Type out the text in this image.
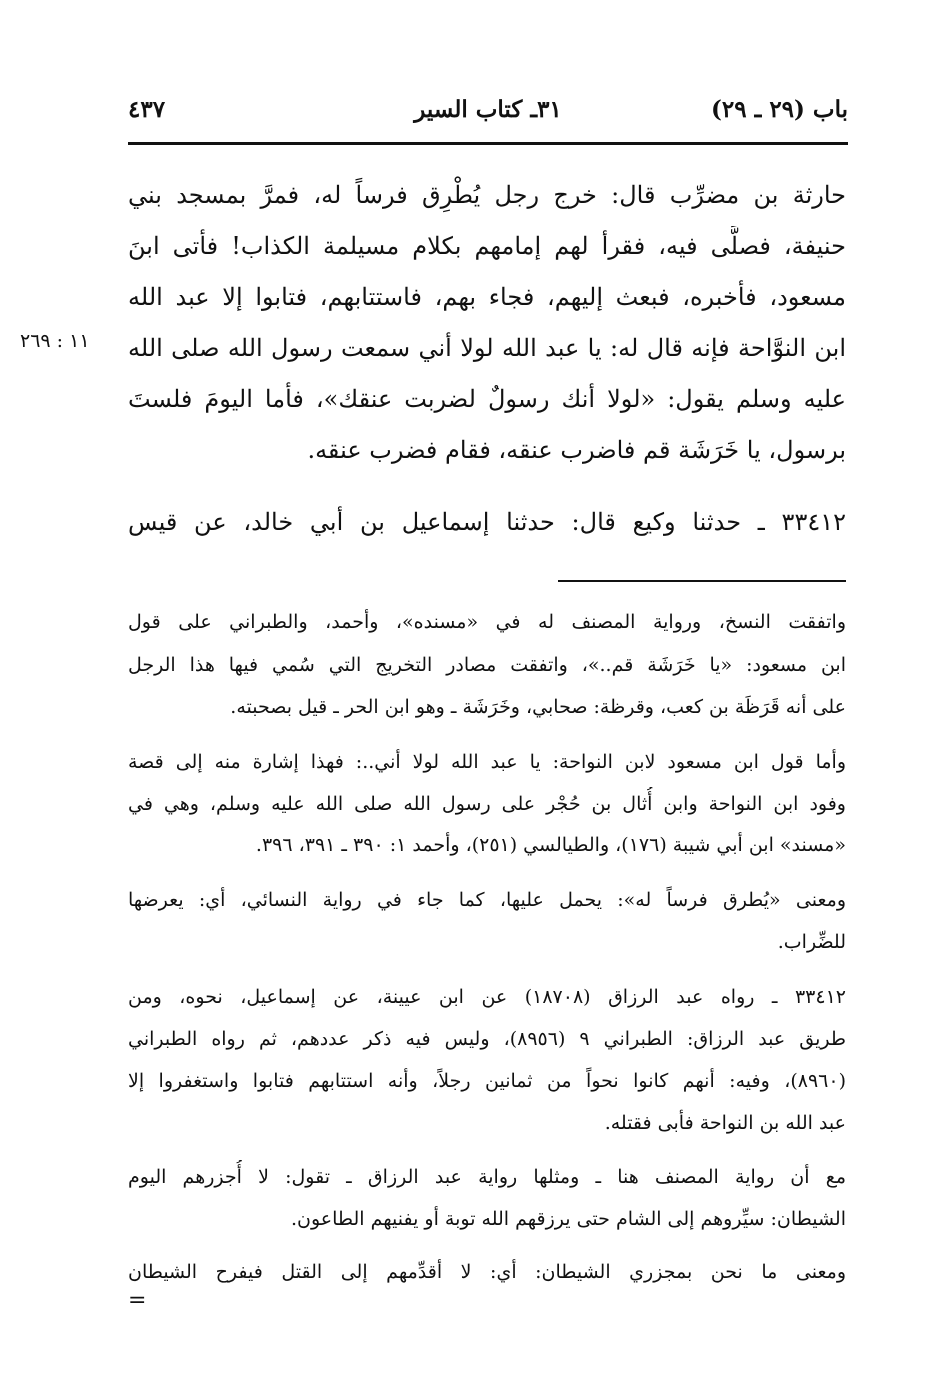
باب (٢٩ ـ ٢٩)
٣١ـ كتاب السير
٤٣٧
١١ : ٢٦٩
حارثة بن مضرِّب قال: خرج رجل يُطْرِق فرساً له، فمرَّ بمسجد بني
حنيفة، فصلَّى فيه، فقرأ لهم إمامهم بكلام مسيلمة الكذاب! فأتى ابنَ
مسعود، فأخبره، فبعث إليهم، فجاء بهم، فاستتابهم، فتابوا إلا عبد الله
ابن النوَّاحة فإنه قال له: يا عبد الله لولا أني سمعت رسول الله صلى الله
عليه وسلم يقول: «لولا أنك رسولٌ لضربت عنقك»، فأما اليومَ فلستَ
برسول، يا خَرَشَة قم فاضرب عنقه، فقام فضرب عنقه.
٣٣٤١٢ ـ حدثنا وكيع قال: حدثنا إسماعيل بن أبي خالد، عن قيس
واتفقت النسخ، ورواية المصنف له في «مسنده»، وأحمد، والطبراني على قول
ابن مسعود: «يا خَرَشَة قم..»، واتفقت مصادر التخريج التي سُمي فيها هذا الرجل
على أنه قَرَظَة بن كعب، وقرظة: صحابي، وخَرَشَة ـ وهو ابن الحر ـ قيل بصحبته.
وأما قول ابن مسعود لابن النواحة: يا عبد الله لولا أني..: فهذا إشارة منه إلى قصة
وفود ابن النواحة وابن أُثال بن حُجْر على رسول الله صلى الله عليه وسلم، وهي في
«مسند» ابن أبي شيبة (١٧٦)، والطيالسي (٢٥١)، وأحمد ١: ٣٩٠ ـ ٣٩١، ٣٩٦.
ومعنى «يُطرق فرساً له»: يحمل عليها، كما جاء في رواية النسائي، أي: يعرضها
للضِّراب.
٣٣٤١٢ ـ رواه عبد الرزاق (١٨٧٠٨) عن ابن عيينة، عن إسماعيل، نحوه، ومن
طريق عبد الرزاق: الطبراني ٩ (٨٩٥٦)، وليس فيه ذكر عددهم، ثم رواه الطبراني
(٨٩٦٠)، وفيه: أنهم كانوا نحواً من ثمانين رجلاً، وأنه استتابهم فتابوا واستغفروا إلا
عبد الله بن النواحة فأبى فقتله.
مع أن رواية المصنف هنا ـ ومثلها رواية عبد الرزاق ـ تقول: لا أُجزرهم اليوم
الشيطان: سيِّروهم إلى الشام حتى يرزقهم الله توبة أو يفنيهم الطاعون.
ومعنى ما نحن بمجزري الشيطان: أي: لا أقدِّمهم إلى القتل فيفرح الشيطان
=
